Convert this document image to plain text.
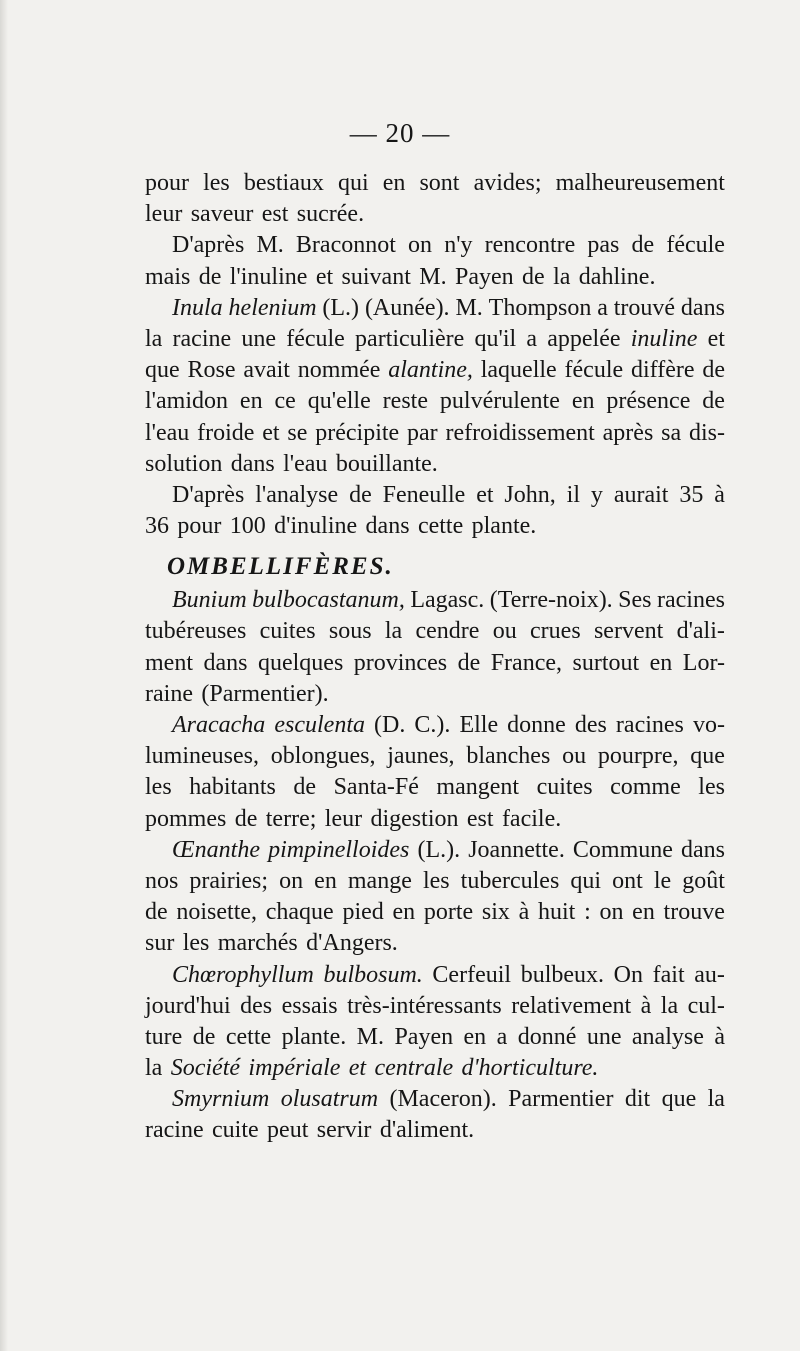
— 20 —
pour les bestiaux qui en sont avides; malheureusement
leur saveur est sucrée.
D'après M. Braconnot on n'y rencontre pas de fécule
mais de l'inuline et suivant M. Payen de la dahline.
Inula helenium (L.) (Aunée). M. Thompson a trouvé dans
la racine une fécule particulière qu'il a appelée inuline et
que Rose avait nommée alantine, laquelle fécule diffère de
l'amidon en ce qu'elle reste pulvérulente en présence de
l'eau froide et se précipite par refroidissement après sa dis-
solution dans l'eau bouillante.
D'après l'analyse de Feneulle et John, il y aurait 35 à
36 pour 100 d'inuline dans cette plante.
OMBELLIFÈRES.
Bunium bulbocastanum, Lagasc. (Terre-noix). Ses racines
tubéreuses cuites sous la cendre ou crues servent d'ali-
ment dans quelques provinces de France, surtout en Lor-
raine (Parmentier).
Aracacha esculenta (D. C.). Elle donne des racines vo-
lumineuses, oblongues, jaunes, blanches ou pourpre, que
les habitants de Santa-Fé mangent cuites comme les
pommes de terre; leur digestion est facile.
Œnanthe pimpinelloides (L.). Joannette. Commune dans
nos prairies; on en mange les tubercules qui ont le goût
de noisette, chaque pied en porte six à huit : on en trouve
sur les marchés d'Angers.
Chœrophyllum bulbosum. Cerfeuil bulbeux. On fait au-
jourd'hui des essais très-intéressants relativement à la cul-
ture de cette plante. M. Payen en a donné une analyse à
la Société impériale et centrale d'horticulture.
Smyrnium olusatrum (Maceron). Parmentier dit que la
racine cuite peut servir d'aliment.
